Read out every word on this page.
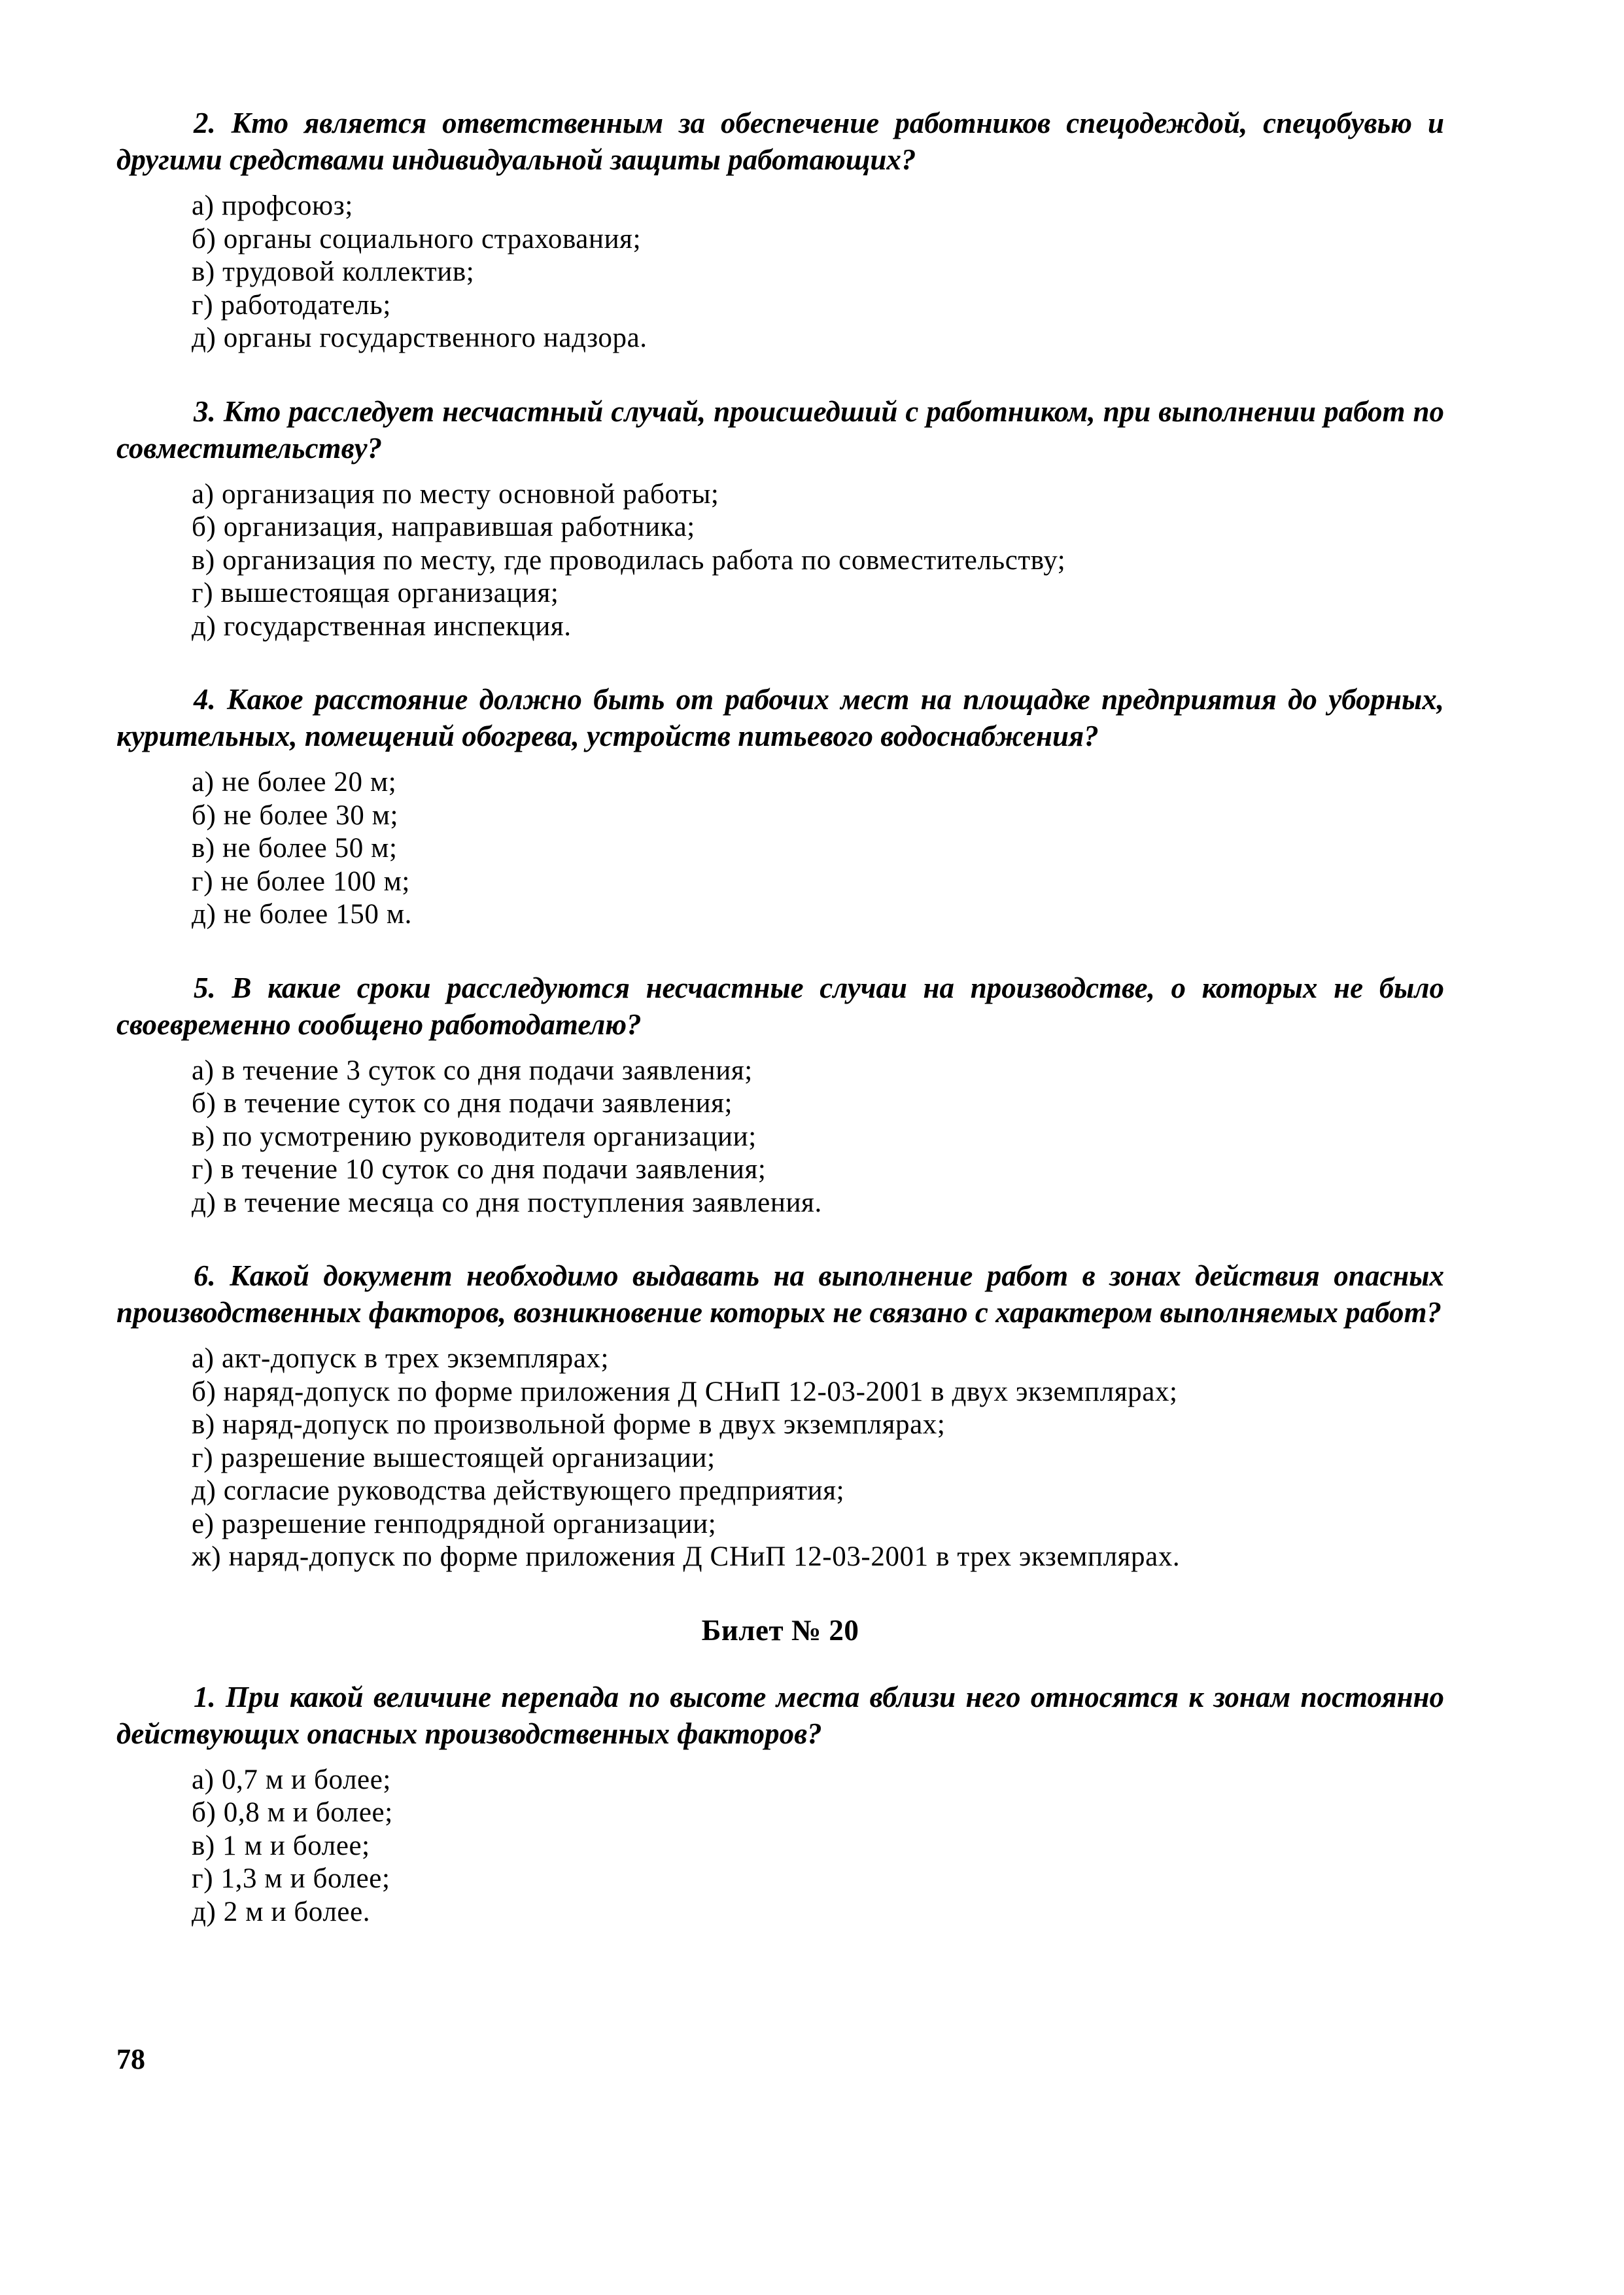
2. Кто является ответственным за обеспечение работников спецодеждой, спецобувью и другими средствами индивидуальной защиты работающих?

а) профсоюз;
б) органы социального страхования;
в) трудовой коллектив;
г) работодатель;
д) органы государственного надзора.

3. Кто расследует несчастный случай, происшедший с работником, при выполнении работ по совместительству?

а) организация по месту основной работы;
б) организация, направившая работника;
в) организация по месту, где проводилась работа по совместительству;
г) вышестоящая организация;
д) государственная инспекция.

4. Какое расстояние должно быть от рабочих мест на площадке предприятия до уборных, курительных, помещений обогрева, устройств питьевого водоснабжения?

а) не более 20 м;
б) не более 30 м;
в) не более 50 м;
г) не более 100 м;
д) не более 150 м.

5. В какие сроки расследуются несчастные случаи на производстве, о которых не было своевременно сообщено работодателю?

а) в течение 3 суток со дня подачи заявления;
б) в течение суток со дня подачи заявления;
в) по усмотрению руководителя организации;
г) в течение 10 суток со дня подачи заявления;
д) в течение месяца со дня поступления заявления.

6. Какой документ необходимо выдавать на выполнение работ в зонах действия опасных производственных факторов, возникновение которых не связано с характером выполняемых работ?

а) акт-допуск в трех экземплярах;
б) наряд-допуск по форме приложения Д СНиП 12-03-2001 в двух экземплярах;
в) наряд-допуск по произвольной форме в двух экземплярах;
г) разрешение вышестоящей организации;
д) согласие руководства действующего предприятия;
е) разрешение генподрядной организации;
ж) наряд-допуск по форме приложения Д СНиП 12-03-2001 в трех экземплярах.
Билет № 20

1. При какой величине перепада по высоте места вблизи него относятся к зонам постоянно действующих опасных производственных факторов?

а) 0,7 м и более;
б) 0,8 м и более;
в) 1 м и более;
г) 1,3 м и более;
д) 2 м и более.
78
